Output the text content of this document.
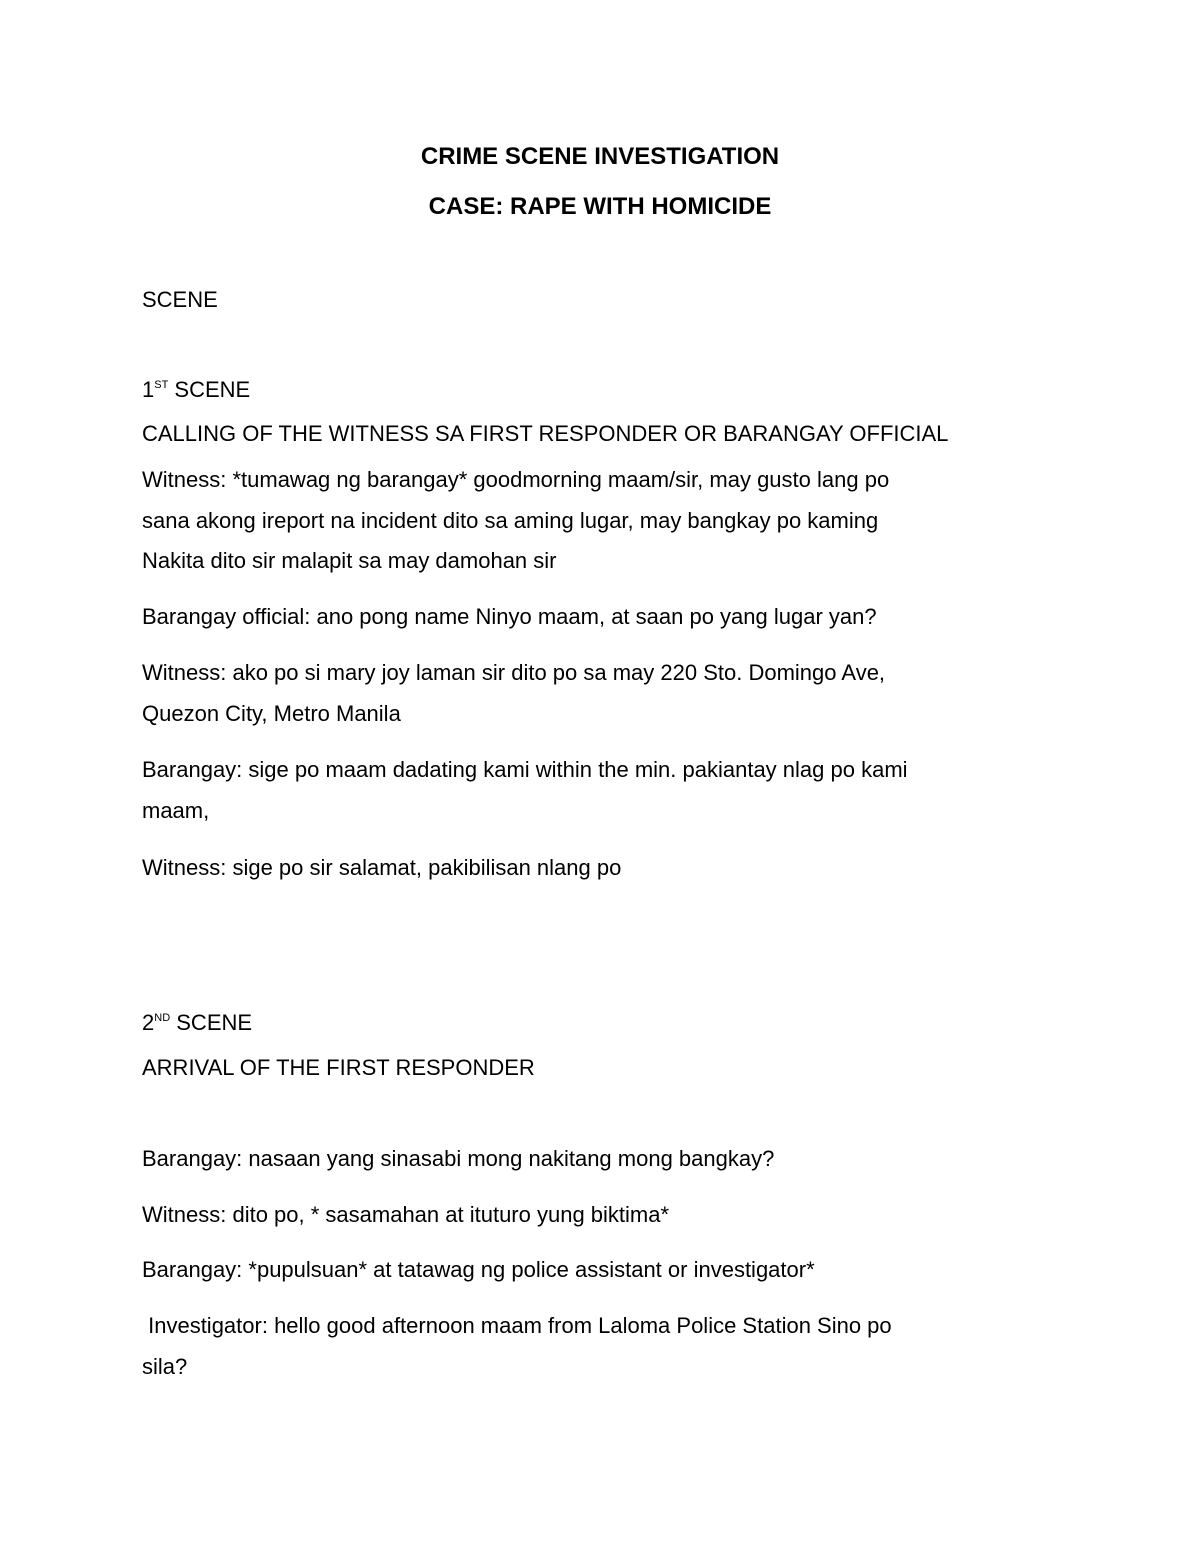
CRIME SCENE INVESTIGATION
CASE: RAPE WITH HOMICIDE
SCENE
1ST SCENE
CALLING OF THE WITNESS SA FIRST RESPONDER OR BARANGAY OFFICIAL
Witness: *tumawag ng barangay* goodmorning maam/sir, may gusto lang po
sana akong ireport na incident dito sa aming lugar, may bangkay po kaming
Nakita dito sir malapit sa may damohan sir
Barangay official: ano pong name Ninyo maam, at saan po yang lugar yan?
Witness: ako po si mary joy laman sir dito po sa may 220 Sto. Domingo Ave,
Quezon City, Metro Manila
Barangay: sige po maam dadating kami within the min. pakiantay nlag po kami
maam,
Witness: sige po sir salamat, pakibilisan nlang po
2ND SCENE
ARRIVAL OF THE FIRST RESPONDER
Barangay: nasaan yang sinasabi mong nakitang mong bangkay?
Witness: dito po, * sasamahan at ituturo yung biktima*
Barangay: *pupulsuan* at tatawag ng police assistant or investigator*
Investigator: hello good afternoon maam from Laloma Police Station Sino po
sila?
